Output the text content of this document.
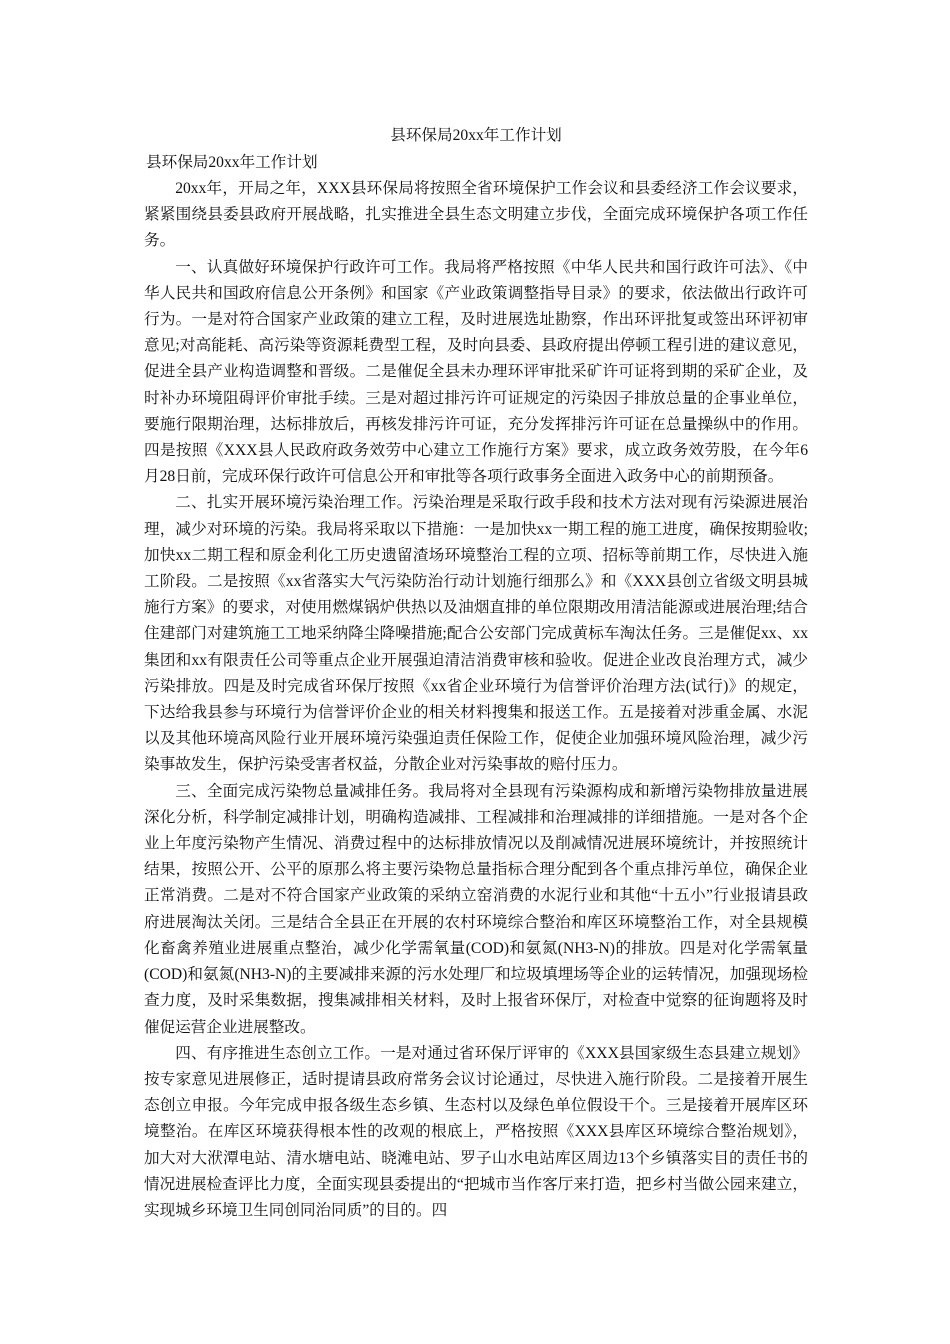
县环保局20xx年工作计划
县环保局20xx年工作计划

20xx年，开局之年，XXX县环保局将按照全省环境保护工作会议和县委经济工作会议要求，紧紧围绕县委县政府开展战略，扎实推进全县生态文明建立步伐，全面完成环境保护各项工作任务。

一、认真做好环境保护行政许可工作。我局将严格按照《中华人民共和国行政许可法》、《中华人民共和国政府信息公开条例》和国家《产业政策调整指导目录》的要求，依法做出行政许可行为。一是对符合国家产业政策的建立工程，及时进展选址勘察，作出环评批复或签出环评初审意见;对高能耗、高污染等资源耗费型工程，及时向县委、县政府提出停顿工程引进的建议意见，促进全县产业构造调整和晋级。二是催促全县未办理环评审批采矿许可证将到期的采矿企业，及时补办环境阻碍评价审批手续。三是对超过排污许可证规定的污染因子排放总量的企事业单位，要施行限期治理，达标排放后，再核发排污许可证，充分发挥排污许可证在总量操纵中的作用。四是按照《XXX县人民政府政务效劳中心建立工作施行方案》要求，成立政务效劳股，在今年6月28日前，完成环保行政许可信息公开和审批等各项行政事务全面进入政务中心的前期预备。

二、扎实开展环境污染治理工作。污染治理是采取行政手段和技术方法对现有污染源进展治理，减少对环境的污染。我局将采取以下措施：一是加快xx一期工程的施工进度，确保按期验收;加快xx二期工程和原金利化工历史遗留渣场环境整治工程的立项、招标等前期工作，尽快进入施工阶段。二是按照《xx省落实大气污染防治行动计划施行细那么》和《XXX县创立省级文明县城施行方案》的要求，对使用燃煤锅炉供热以及油烟直排的单位限期改用清洁能源或进展治理;结合住建部门对建筑施工工地采纳降尘降噪措施;配合公安部门完成黄标车淘汰任务。三是催促xx、xx集团和xx有限责任公司等重点企业开展强迫清洁消费审核和验收。促进企业改良治理方式，减少污染排放。四是及时完成省环保厅按照《xx省企业环境行为信誉评价治理方法(试行)》的规定，下达给我县参与环境行为信誉评价企业的相关材料搜集和报送工作。五是接着对涉重金属、水泥以及其他环境高风险行业开展环境污染强迫责任保险工作，促使企业加强环境风险治理，减少污染事故发生，保护污染受害者权益，分散企业对污染事故的赔付压力。

三、全面完成污染物总量减排任务。我局将对全县现有污染源构成和新增污染物排放量进展深化分析，科学制定减排计划，明确构造减排、工程减排和治理减排的详细措施。一是对各个企业上年度污染物产生情况、消费过程中的达标排放情况以及削减情况进展环境统计，并按照统计结果，按照公开、公平的原那么将主要污染物总量指标合理分配到各个重点排污单位，确保企业正常消费。二是对不符合国家产业政策的采纳立窑消费的水泥行业和其他“十五小”行业报请县政府进展淘汰关闭。三是结合全县正在开展的农村环境综合整治和库区环境整治工作，对全县规模化畜禽养殖业进展重点整治，减少化学需氧量(COD)和氨氮(NH3-N)的排放。四是对化学需氧量(COD)和氨氮(NH3-N)的主要减排来源的污水处理厂和垃圾填埋场等企业的运转情况，加强现场检查力度，及时采集数据，搜集减排相关材料，及时上报省环保厅，对检查中觉察的征询题将及时催促运营企业进展整改。

四、有序推进生态创立工作。一是对通过省环保厅评审的《XXX县国家级生态县建立规划》按专家意见进展修正，适时提请县政府常务会议讨论通过，尽快进入施行阶段。二是接着开展生态创立申报。今年完成申报各级生态乡镇、生态村以及绿色单位假设干个。三是接着开展库区环境整治。在库区环境获得根本性的改观的根底上，严格按照《XXX县库区环境综合整治规划》，加大对大洑潭电站、清水塘电站、晓滩电站、罗子山水电站库区周边13个乡镇落实目的责任书的情况进展检查评比力度，全面实现县委提出的“把城市当作客厅来打造，把乡村当做公园来建立，实现城乡环境卫生同创同治同质”的目的。四
